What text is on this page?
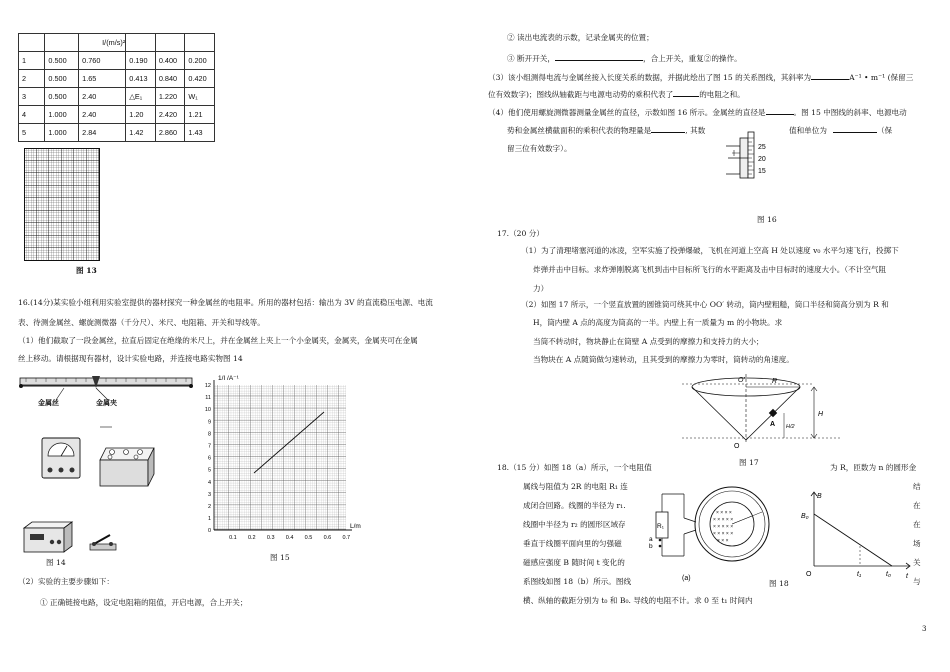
		I/(m/s)²			
1	0.500	0.760	0.190	0.400	0.200
2	0.500	1.65	0.413	0.840	0.420
3	0.500	2.40	△E₁	1.220	W₁
4	1.000	2.40	1.20	2.420	1.21
5	1.000	2.84	1.42	2.860	1.43
图 13
16.(14分)某实验小组利用实验室提供的器材探究一种金属丝的电阻率。所用的器材包括：输出为 3V 的直流稳压电源、电流
表、待测金属丝、螺旋测微器（千分尺）、米尺、电阻箱、开关和导线等。
（1）他们截取了一段金属丝，拉直后固定在绝缘的米尺上，并在金属丝上夹上一个小金属夹，金属夹，金属夹可在金属
丝上移动。请根据现有器材，设计实验电路，并连接电路实物图 14
金属丝	金属夹
图 14
1/I /A⁻¹
L/m
12
11
10
9
8
7
6
5
4
3
2
1
0
0.1 0.2 0.3 0.4 0.5 0.6 0.7
图 15
（2）实验的主要步骤如下：
① 正确链接电路，设定电阻箱的阻值，开启电源，合上开关；
② 读出电流表的示数，记录金属夹的位置；
③ 断开开关，	，合上开关，重复②的操作。
（3）该小组测得电流与金属丝接入长度关系的数据，并据此绘出了图 15 的关系图线，其斜率为	A⁻¹ • m⁻¹ (保留三
位有效数字)；图线纵轴截距与电源电动势的乘积代表了	的电阻之和。
（4）他们使用螺旋测微器测量金属丝的直径，示数如图 16 所示。金属丝的直径是	。图 15 中图线的斜率、电源电动
势和金属丝横截面积的乘积代表的物理量是	, 其数	值和单位为	（保
留三位有效数字）。	25
20
15
图 16
17.（20 分）
（1）为了清理堵塞河道的冰凌，空军实施了投弹爆破，飞机在河道上空高 H 处以速度 v₀ 水平匀速飞行，投掷下
炸弹并击中目标。求炸弹刚脱离飞机到击中目标所飞行的水平距离及击中目标时的速度大小。（不计空气阻
力）
（2）如图 17 所示，一个竖直放置的圆锥筒可绕其中心 OO′ 转动，筒内壁粗糙，筒口半径和筒高分别为 R 和
H，筒内壁 A 点的高度为筒高的一半。内壁上有一质量为 m 的小物块。求
当筒不转动时，物块静止在筒壁 A 点受到的摩擦力和支持力的大小；
当物块在 A 点随筒做匀速转动，且其受到的摩擦力为零时，筒转动的角速度。
O′	R
H
A H/2
O
图 17
18.（15 分）如图 18（a）所示，一个电阻值	为 R，匝数为 n 的圆形金
属线与阻值为 2R 的电阻 R₁ 连	结
成闭合回路。线圈的半径为 r₁.	在
线圈中半径为 r₂ 的圆形区域存	在
垂直于线圈平面向里的匀强磁	场
磁感应强度 B 随时间 t 变化的	关
系图线如图 18（b）所示。图线	与
横、纵轴的截距分别为 t₀ 和 B₀. 导线的电阻不计。求 0 至 t₁ 时间内
a
b
R₁
× × × ×
× × × × ×
× × × × ×
× × × × ×
× × ×
(a)
B
B₀
O	t₁	t₀ t
图 18
3
